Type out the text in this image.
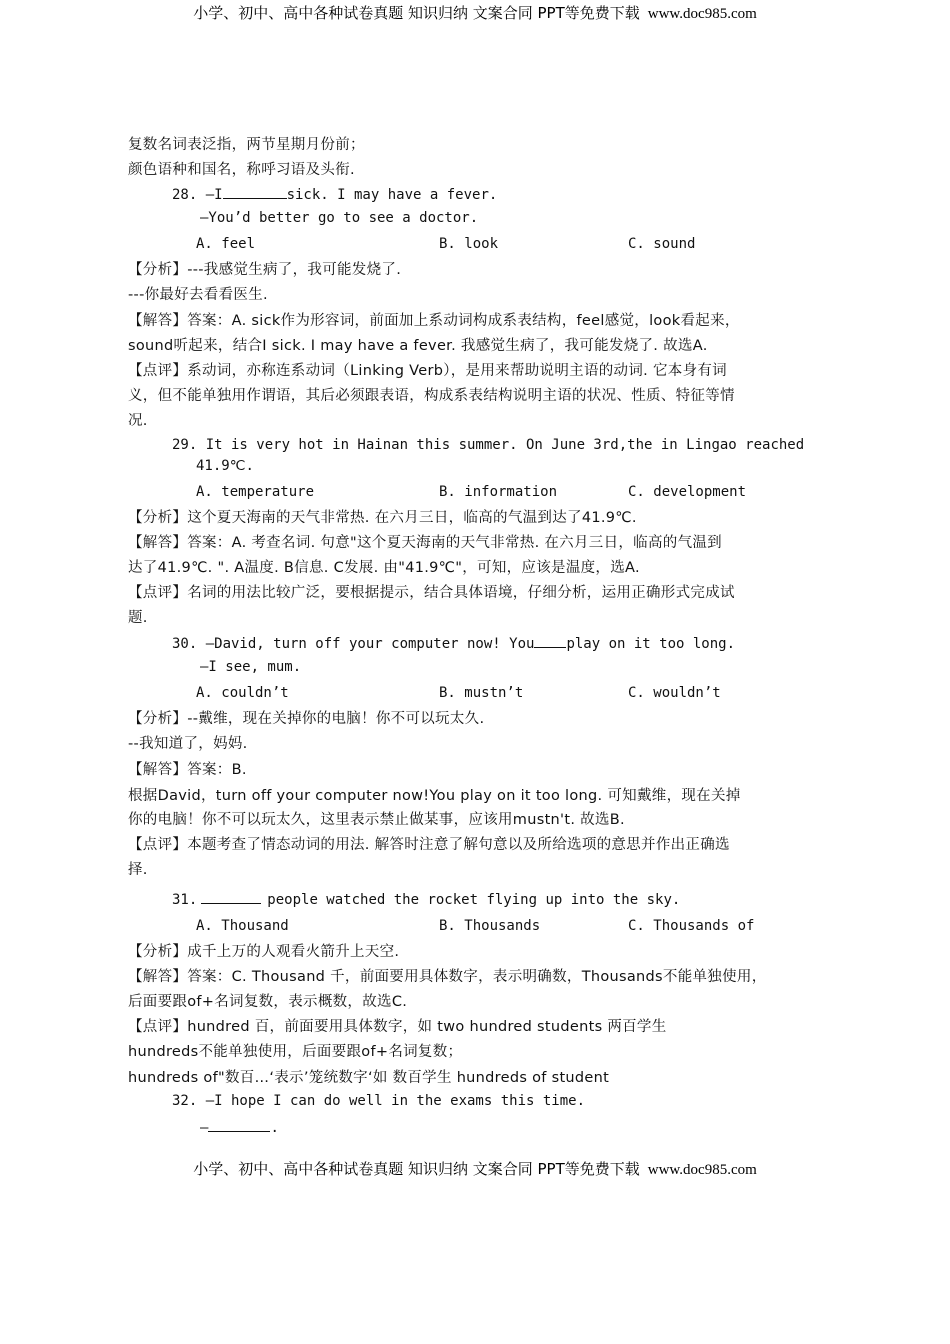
小学、初中、高中各种试卷真题 知识归纳 文案合同 PPT等免费下载 www.doc985.com
复数名词表泛指，两节星期月份前；
颜色语种和国名，称呼习语及头衔.
28. —I	sick. I may have a fever.
—You’d better go to see a doctor.
A. feel	B. look	C. sound
【分析】---我感觉生病了，我可能发烧了.
---你最好去看看医生.
【解答】答案：A. sick作为形容词，前面加上系动词构成系表结构，feel感觉，look看起来，
sound听起来，结合I sick. I may have a fever. 我感觉生病了，我可能发烧了. 故选A.
【点评】系动词，亦称连系动词（Linking Verb），是用来帮助说明主语的动词. 它本身有词
义，但不能单独用作谓语，其后必须跟表语，构成系表结构说明主语的状况、性质、特征等情
况.
29. It is very hot in Hainan this summer. On June 3rd,the in Lingao reached
41.9℃.
A. temperature	B. information	C. development
【分析】这个夏天海南的天气非常热. 在六月三日，临高的气温到达了41.9℃.
【解答】答案：A. 考查名词. 句意"这个夏天海南的天气非常热. 在六月三日，临高的气温到
达了41.9℃. ". A温度. B信息. C发展. 由"41.9℃"，可知，应该是温度，选A.
【点评】名词的用法比较广泛，要根据提示，结合具体语境，仔细分析，运用正确形式完成试
题.
30. —David, turn off your computer now! You play on it too long.
—I see, mum.
A. couldn’t	B. mustn’t	C. wouldn’t
【分析】--戴维，现在关掉你的电脑！你不可以玩太久.
--我知道了，妈妈.
【解答】答案：B.
根据David，turn off your computer now!You play on it too long. 可知戴维，现在关掉
你的电脑！你不可以玩太久，这里表示禁止做某事，应该用mustn't. 故选B.
【点评】本题考查了情态动词的用法. 解答时注意了解句意以及所给选项的意思并作出正确选
择.
31.	people watched the rocket flying up into the sky.
A. Thousand	B. Thousands	C. Thousands of
【分析】成千上万的人观看火箭升上天空.
【解答】答案：C. Thousand 千，前面要用具体数字，表示明确数，Thousands不能单独使用，
后面要跟of+名词复数，表示概数，故选C.
【点评】hundred 百，前面要用具体数字，如 two hundred students 两百学生
hundreds不能单独使用，后面要跟of+名词复数；
hundreds of"数百…‘表示’笼统数字‘如 数百学生 hundreds of student
32. —I hope I can do well in the exams this time.
—	.
小学、初中、高中各种试卷真题 知识归纳 文案合同 PPT等免费下载 www.doc985.com
